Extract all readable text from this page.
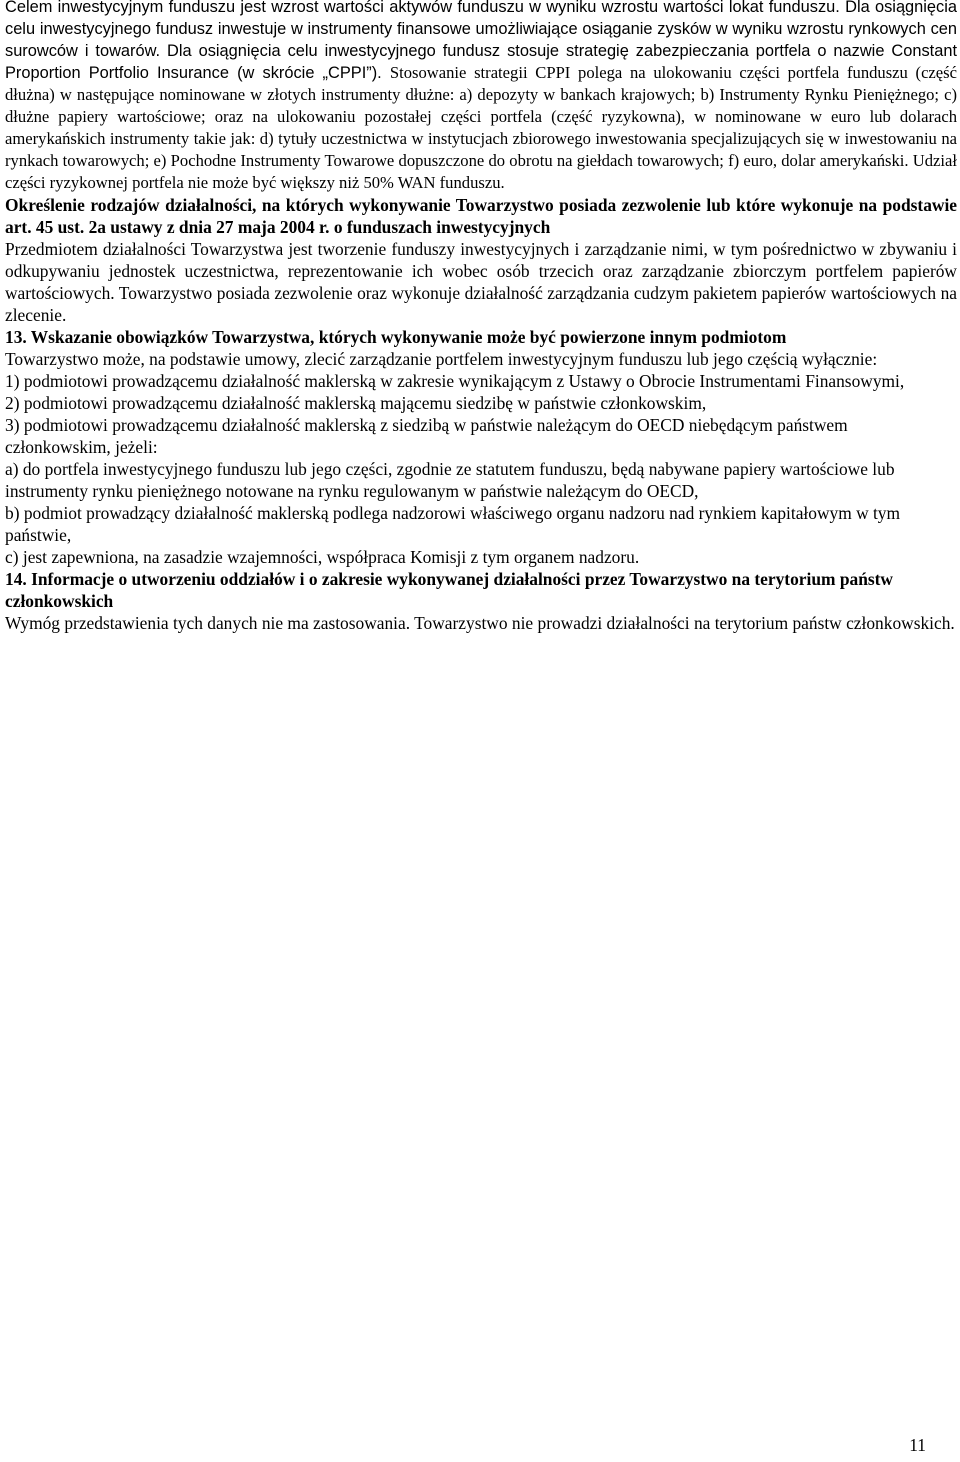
Celem inwestycyjnym funduszu jest wzrost wartości aktywów funduszu w wyniku wzrostu wartości lokat funduszu. Dla osiągnięcia celu inwestycyjnego fundusz inwestuje w instrumenty finansowe umożliwiające osiąganie zysków w wyniku wzrostu rynkowych cen surowców i towarów. Dla osiągnięcia celu inwestycyjnego fundusz stosuje strategię zabezpieczania portfela o nazwie Constant Proportion Portfolio Insurance (w skrócie „CPPI”). Stosowanie strategii CPPI polega na ulokowaniu części portfela funduszu (część dłużna) w następujące nominowane w złotych instrumenty dłużne: a) depozyty w bankach krajowych; b) Instrumenty Rynku Pieniężnego; c) dłużne papiery wartościowe; oraz na ulokowaniu pozostałej części portfela (część ryzykowna), w nominowane w euro lub dolarach amerykańskich instrumenty takie jak: d) tytuły uczestnictwa w instytucjach zbiorowego inwestowania specjalizujących się w inwestowaniu na rynkach towarowych; e) Pochodne Instrumenty Towarowe dopuszczone do obrotu na giełdach towarowych; f) euro, dolar amerykański. Udział części ryzykownej portfela nie może być większy niż 50% WAN funduszu.

Określenie rodzajów działalności, na których wykonywanie Towarzystwo posiada zezwolenie lub które wykonuje na podstawie art. 45 ust. 2a ustawy z dnia 27 maja 2004 r. o funduszach inwestycyjnych

Przedmiotem działalności Towarzystwa jest tworzenie funduszy inwestycyjnych i zarządzanie nimi, w tym pośrednictwo w zbywaniu i odkupywaniu jednostek uczestnictwa, reprezentowanie ich wobec osób trzecich oraz zarządzanie zbiorczym portfelem papierów wartościowych. Towarzystwo posiada zezwolenie oraz wykonuje działalność zarządzania cudzym pakietem papierów wartościowych na zlecenie.

13. Wskazanie obowiązków Towarzystwa, których wykonywanie może być powierzone innym podmiotom

Towarzystwo może, na podstawie umowy, zlecić zarządzanie portfelem inwestycyjnym funduszu lub jego częścią wyłącznie:

1) podmiotowi prowadzącemu działalność maklerską w zakresie wynikającym z Ustawy o Obrocie Instrumentami Finansowymi,

2) podmiotowi prowadzącemu działalność maklerską mającemu siedzibę w państwie członkowskim,

3) podmiotowi prowadzącemu działalność maklerską z siedzibą w państwie należącym do OECD niebędącym państwem członkowskim, jeżeli:

a) do portfela inwestycyjnego funduszu lub jego części, zgodnie ze statutem funduszu, będą nabywane papiery wartościowe lub instrumenty rynku pieniężnego notowane na rynku regulowanym w państwie należącym do OECD,

b) podmiot prowadzący działalność maklerską podlega nadzorowi właściwego organu nadzoru nad rynkiem kapitałowym w tym państwie,

c) jest zapewniona, na zasadzie wzajemności, współpraca Komisji z tym organem nadzoru.

14. Informacje o utworzeniu oddziałów i o zakresie wykonywanej działalności przez Towarzystwo na terytorium państw członkowskich

Wymóg przedstawienia tych danych nie ma zastosowania. Towarzystwo nie prowadzi działalności na terytorium państw członkowskich.

11
